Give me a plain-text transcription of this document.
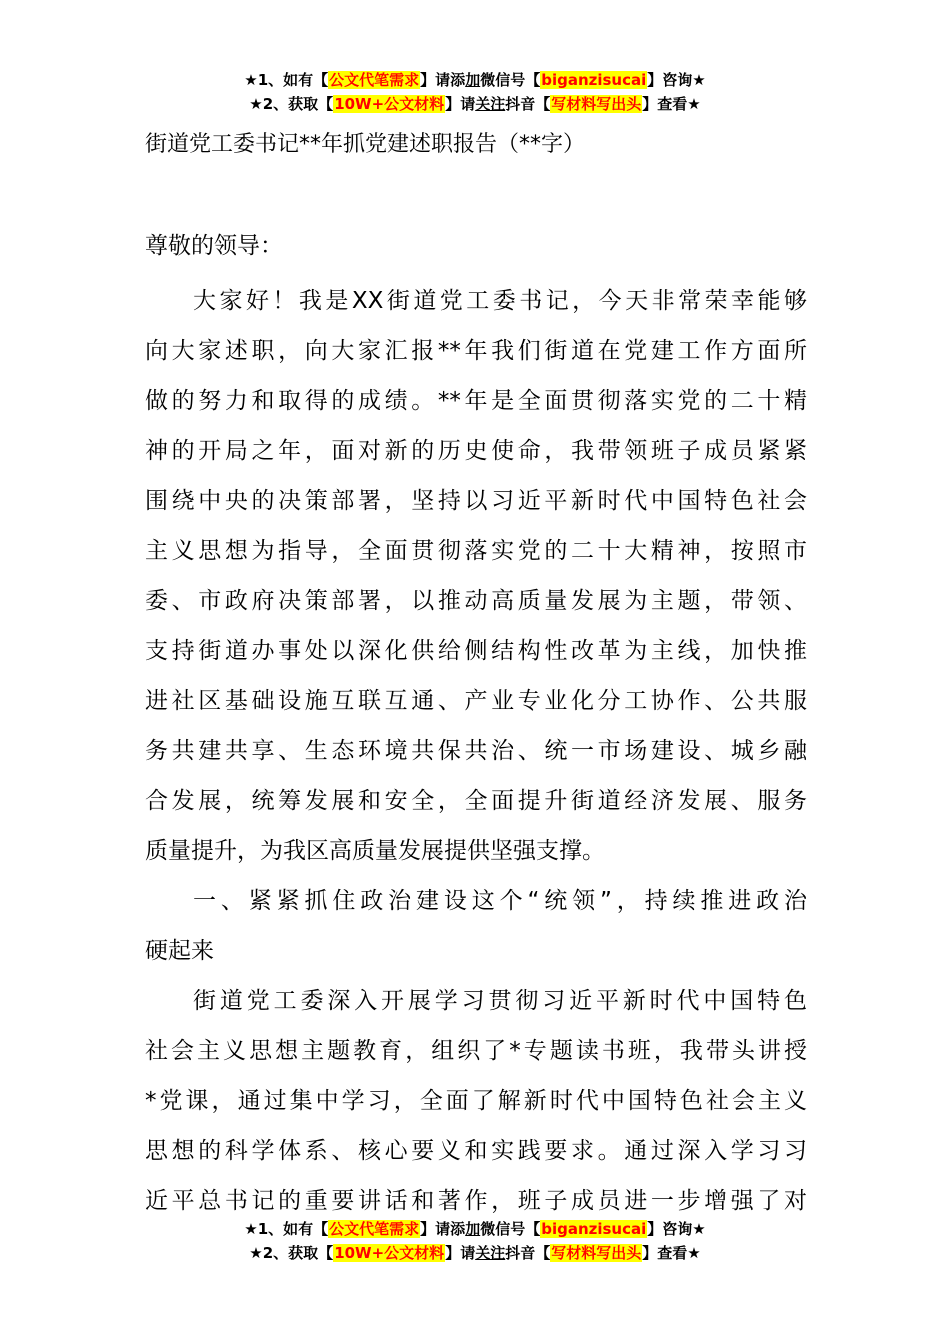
★1、如有【公文代笔需求】请添加微信号【biganzisucai】咨询★
★2、获取【10W+公文材料】请关注抖音【写材料写出头】查看★
街道党工委书记**年抓党建述职报告（**字）
尊敬的领导：
大家好！我是XX街道党工委书记，今天非常荣幸能够
向大家述职，向大家汇报**年我们街道在党建工作方面所
做的努力和取得的成绩。**年是全面贯彻落实党的二十精
神的开局之年，面对新的历史使命，我带领班子成员紧紧
围绕中央的决策部署，坚持以习近平新时代中国特色社会
主义思想为指导，全面贯彻落实党的二十大精神，按照市
委、市政府决策部署，以推动高质量发展为主题，带领、
支持街道办事处以深化供给侧结构性改革为主线，加快推
进社区基础设施互联互通、产业专业化分工协作、公共服
务共建共享、生态环境共保共治、统一市场建设、城乡融
合发展，统筹发展和安全，全面提升街道经济发展、服务
质量提升，为我区高质量发展提供坚强支撑。
一、紧紧抓住政治建设这个“统领”，持续推进政治
硬起来
街道党工委深入开展学习贯彻习近平新时代中国特色
社会主义思想主题教育，组织了*专题读书班，我带头讲授
*党课，通过集中学习，全面了解新时代中国特色社会主义
思想的科学体系、核心要义和实践要求。通过深入学习习
近平总书记的重要讲话和著作，班子成员进一步增强了对
★1、如有【公文代笔需求】请添加微信号【biganzisucai】咨询★
★2、获取【10W+公文材料】请关注抖音【写材料写出头】查看★
